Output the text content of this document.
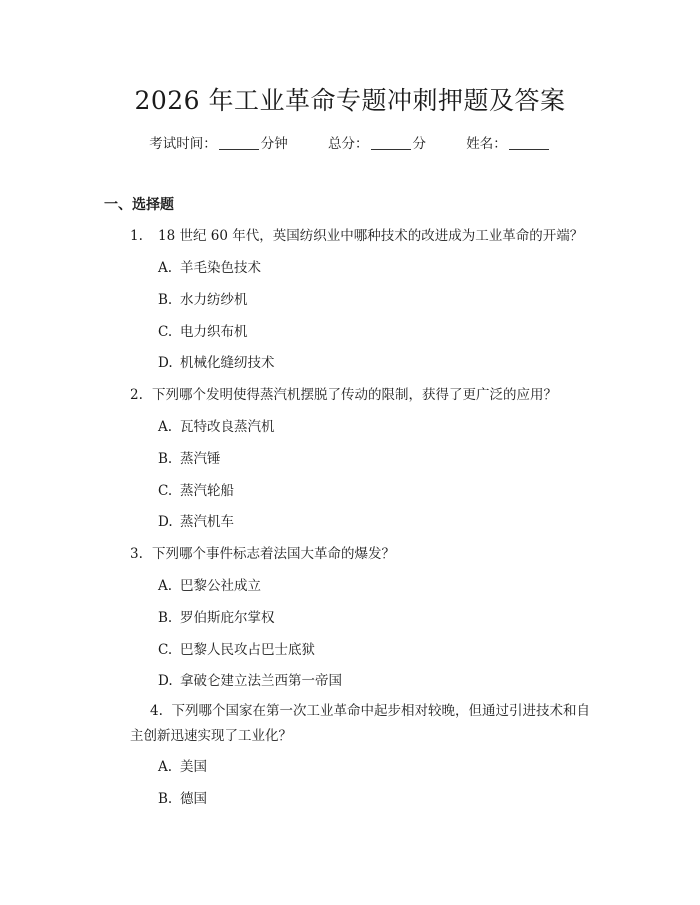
2026 年工业革命专题冲刺押题及答案
考试时间：	分钟	总分：	分	姓名：
一、选择题
1. 18 世纪 60 年代，英国纺织业中哪种技术的改进成为工业革命的开端？
A. 羊毛染色技术
B. 水力纺纱机
C. 电力织布机
D. 机械化缝纫技术
2. 下列哪个发明使得蒸汽机摆脱了传动的限制，获得了更广泛的应用？
A. 瓦特改良蒸汽机
B. 蒸汽锤
C. 蒸汽轮船
D. 蒸汽机车
3. 下列哪个事件标志着法国大革命的爆发？
A. 巴黎公社成立
B. 罗伯斯庇尔掌权
C. 巴黎人民攻占巴士底狱
D. 拿破仑建立法兰西第一帝国
4. 下列哪个国家在第一次工业革命中起步相对较晚，但通过引进技术和自主创新迅速实现了工业化？
A. 美国
B. 德国
